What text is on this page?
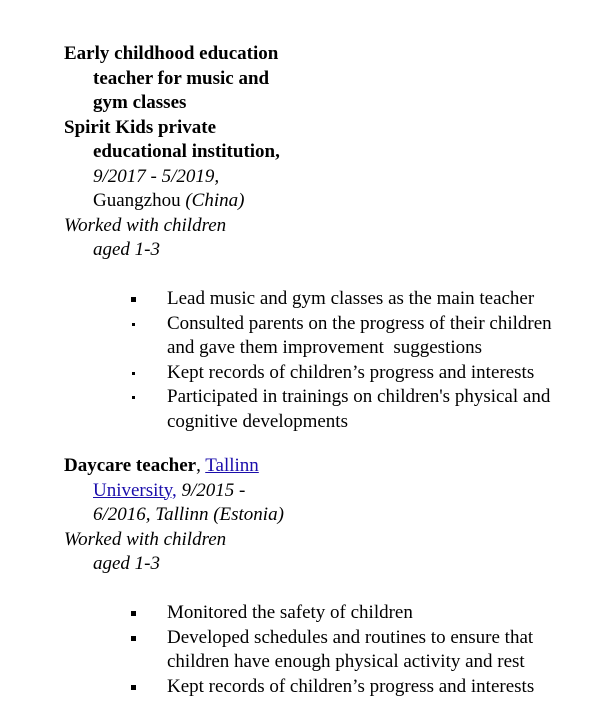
Early childhood education
teacher for music and
gym classes
Spirit Kids private
educational institution,
9/2017 - 5/2019,
Guangzhou (China)
Worked with children
aged 1-3
Lead music and gym classes as the main teacher
Consulted parents on the progress of their children
and gave them improvement  suggestions
Kept records of children’s progress and interests
Participated in trainings on children's physical and
cognitive developments
Daycare teacher, Tallinn
University, 9/2015 -
6/2016, Tallinn (Estonia)
Worked with children
aged 1-3
Monitored the safety of children
Developed schedules and routines to ensure that
children have enough physical activity and rest
Kept records of children’s progress and interests
